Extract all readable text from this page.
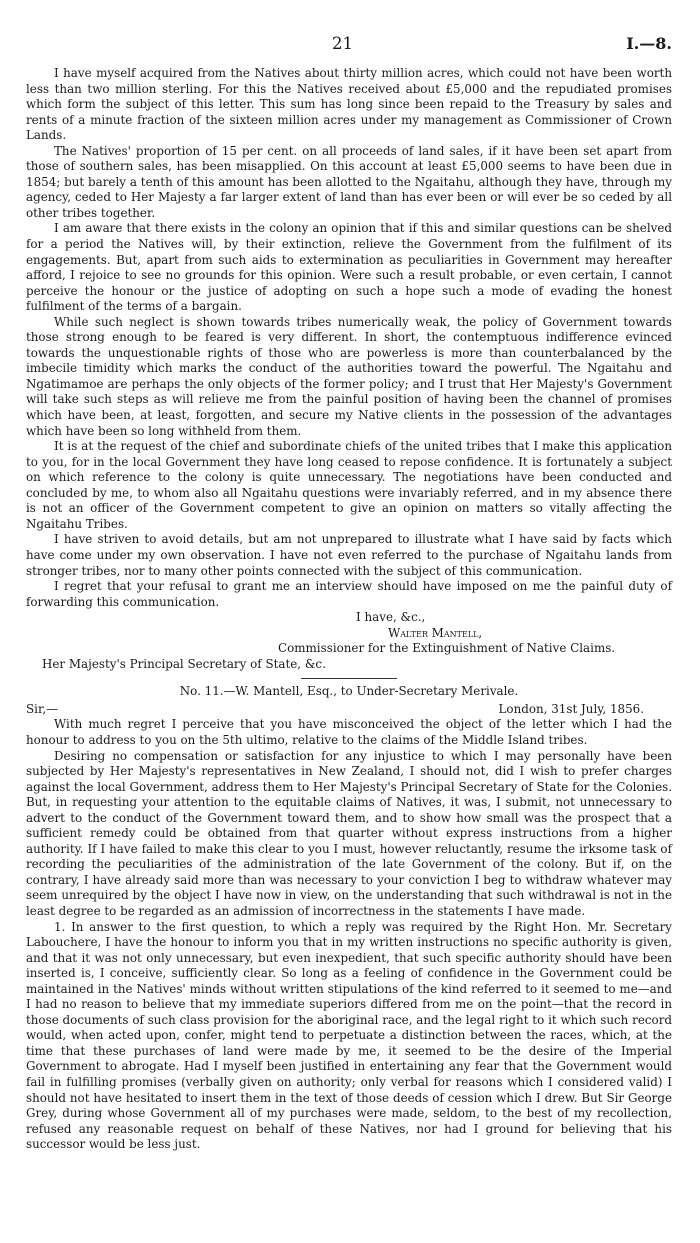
21	I.—8.

I have myself acquired from the Natives about thirty million acres, which could not have been worth less than two million sterling. For this the Natives received about £5,000 and the repudiated promises which form the subject of this letter. This sum has long since been repaid to the Treasury by sales and rents of a minute fraction of the sixteen million acres under my management as Commissioner of Crown Lands.

The Natives' proportion of 15 per cent. on all proceeds of land sales, if it have been set apart from those of southern sales, has been misapplied. On this account at least £5,000 seems to have been due in 1854; but barely a tenth of this amount has been allotted to the Ngaitahu, although they have, through my agency, ceded to Her Majesty a far larger extent of land than has ever been or will ever be so ceded by all other tribes together.

I am aware that there exists in the colony an opinion that if this and similar questions can be shelved for a period the Natives will, by their extinction, relieve the Government from the fulfilment of its engagements. But, apart from such aids to extermination as peculiarities in Government may hereafter afford, I rejoice to see no grounds for this opinion. Were such a result probable, or even certain, I cannot perceive the honour or the justice of adopting on such a hope such a mode of evading the honest fulfilment of the terms of a bargain.

While such neglect is shown towards tribes numerically weak, the policy of Government towards those strong enough to be feared is very different. In short, the contemptuous indifference evinced towards the unquestionable rights of those who are powerless is more than counterbalanced by the imbecile timidity which marks the conduct of the authorities toward the powerful. The Ngaitahu and Ngatimamoe are perhaps the only objects of the former policy; and I trust that Her Majesty's Government will take such steps as will relieve me from the painful position of having been the channel of promises which have been, at least, forgotten, and secure my Native clients in the possession of the advantages which have been so long withheld from them.

It is at the request of the chief and subordinate chiefs of the united tribes that I make this application to you, for in the local Government they have long ceased to repose confidence. It is fortunately a subject on which reference to the colony is quite unnecessary. The negotiations have been conducted and concluded by me, to whom also all Ngaitahu questions were invariably referred, and in my absence there is not an officer of the Government competent to give an opinion on matters so vitally affecting the Ngaitahu Tribes.

I have striven to avoid details, but am not unprepared to illustrate what I have said by facts which have come under my own observation. I have not even referred to the purchase of Ngaitahu lands from stronger tribes, nor to many other points connected with the subject of this communication.

I regret that your refusal to grant me an interview should have imposed on me the painful duty of forwarding this communication.

I have, &c.,
Walter Mantell,
Commissioner for the Extinguishment of Native Claims.
Her Majesty's Principal Secretary of State, &c.
No. 11.—W. Mantell, Esq., to Under-Secretary Merivale.
Sir,—	London, 31st July, 1856.

With much regret I perceive that you have misconceived the object of the letter which I had the honour to address to you on the 5th ultimo, relative to the claims of the Middle Island tribes.

Desiring no compensation or satisfaction for any injustice to which I may personally have been subjected by Her Majesty's representatives in New Zealand, I should not, did I wish to prefer charges against the local Government, address them to Her Majesty's Principal Secretary of State for the Colonies. But, in requesting your attention to the equitable claims of Natives, it was, I submit, not unnecessary to advert to the conduct of the Government toward them, and to show how small was the prospect that a sufficient remedy could be obtained from that quarter without express instructions from a higher authority. If I have failed to make this clear to you I must, however reluctantly, resume the irksome task of recording the peculiarities of the administration of the late Government of the colony. But if, on the contrary, I have already said more than was necessary to your conviction I beg to withdraw whatever may seem unrequired by the object I have now in view, on the understanding that such withdrawal is not in the least degree to be regarded as an admission of incorrectness in the statements I have made.

1. In answer to the first question, to which a reply was required by the Right Hon. Mr. Secretary Labouchere, I have the honour to inform you that in my written instructions no specific authority is given, and that it was not only unnecessary, but even inexpedient, that such specific authority should have been inserted is, I conceive, sufficiently clear. So long as a feeling of confidence in the Government could be maintained in the Natives' minds without written stipulations of the kind referred to it seemed to me—and I had no reason to believe that my immediate superiors differed from me on the point—that the record in those documents of such class provision for the aboriginal race, and the legal right to it which such record would, when acted upon, confer, might tend to perpetuate a distinction between the races, which, at the time that these purchases of land were made by me, it seemed to be the desire of the Imperial Government to abrogate. Had I myself been justified in entertaining any fear that the Government would fail in fulfilling promises (verbally given on authority; only verbal for reasons which I considered valid) I should not have hesitated to insert them in the text of those deeds of cession which I drew. But Sir George Grey, during whose Government all of my purchases were made, seldom, to the best of my recollection, refused any reasonable request on behalf of these Natives, nor had I ground for believing that his successor would be less just.
